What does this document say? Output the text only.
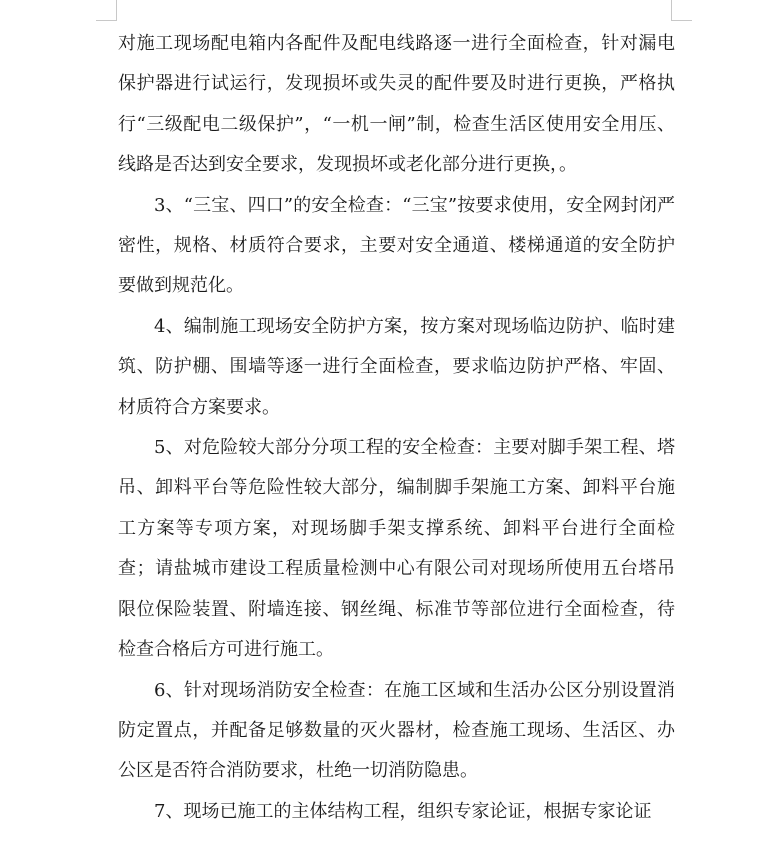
对施工现场配电箱内各配件及配电线路逐一进行全面检查，针对漏电保护器进行试运行，发现损坏或失灵的配件要及时进行更换，严格执行“三级配电二级保护”，“一机一闸”制，检查生活区使用安全用压、线路是否达到安全要求，发现损坏或老化部分进行更换，。

3、“三宝、四口”的安全检查：“三宝”按要求使用，安全网封闭严密性，规格、材质符合要求，主要对安全通道、楼梯通道的安全防护要做到规范化。

4、编制施工现场安全防护方案，按方案对现场临边防护、临时建筑、防护棚、围墙等逐一进行全面检查，要求临边防护严格、牢固、材质符合方案要求。

5、对危险较大部分分项工程的安全检查：主要对脚手架工程、塔吊、卸料平台等危险性较大部分，编制脚手架施工方案、卸料平台施工方案等专项方案，对现场脚手架支撑系统、卸料平台进行全面检查；请盐城市建设工程质量检测中心有限公司对现场所使用五台塔吊限位保险装置、附墙连接、钢丝绳、标准节等部位进行全面检查，待检查合格后方可进行施工。

6、针对现场消防安全检查：在施工区域和生活办公区分别设置消防定置点，并配备足够数量的灭火器材，检查施工现场、生活区、办公区是否符合消防要求，杜绝一切消防隐患。

7、现场已施工的主体结构工程，组织专家论证，根据专家论证
